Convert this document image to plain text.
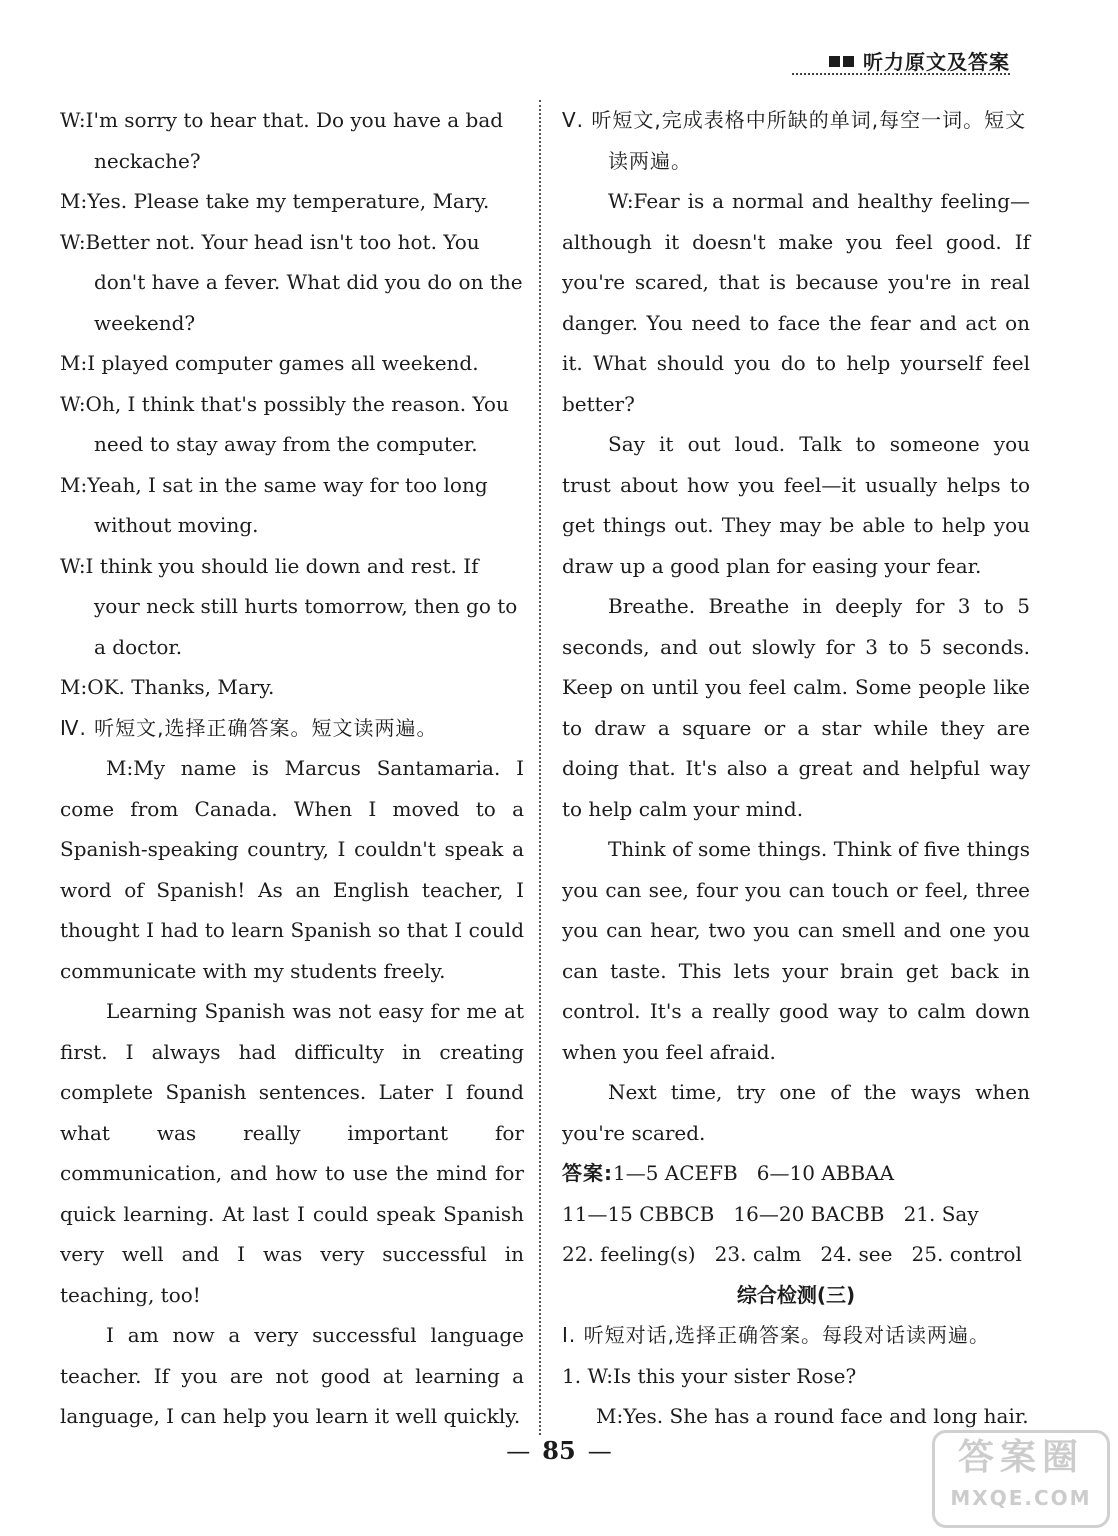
听力原文及答案

W:I'm sorry to hear that. Do you have a bad neckache?

M:Yes. Please take my temperature, Mary.

W:Better not. Your head isn't too hot. You don't have a fever. What did you do on the weekend?

M:I played computer games all weekend.

W:Oh, I think that's possibly the reason. You need to stay away from the computer.

M:Yeah, I sat in the same way for too long without moving.

W:I think you should lie down and rest. If your neck still hurts tomorrow, then go to a doctor.

M:OK. Thanks, Mary.

Ⅳ. 听短文,选择正确答案。短文读两遍。

M:My name is Marcus Santamaria. I come from Canada. When I moved to a Spanish-speaking country, I couldn't speak a word of Spanish! As an English teacher, I thought I had to learn Spanish so that I could communicate with my students freely.

Learning Spanish was not easy for me at first. I always had difficulty in creating complete Spanish sentences. Later I found what was really important for communication, and how to use the mind for quick learning. At last I could speak Spanish very well and I was very successful in teaching, too!

I am now a very successful language teacher. If you are not good at learning a language, I can help you learn it well quickly.

Ⅴ. 听短文,完成表格中所缺的单词,每空一词。短文读两遍。

W:Fear is a normal and healthy feeling—although it doesn't make you feel good. If you're scared, that is because you're in real danger. You need to face the fear and act on it. What should you do to help yourself feel better?

Say it out loud. Talk to someone you trust about how you feel—it usually helps to get things out. They may be able to help you draw up a good plan for easing your fear.

Breathe. Breathe in deeply for 3 to 5 seconds, and out slowly for 3 to 5 seconds. Keep on until you feel calm. Some people like to draw a square or a star while they are doing that. It's also a great and helpful way to help calm your mind.

Think of some things. Think of five things you can see, four you can touch or feel, three you can hear, two you can smell and one you can taste. This lets your brain get back in control. It's a really good way to calm down when you feel afraid.

Next time, try one of the ways when you're scared.

答案:1—5 ACEFB   6—10 ABBAA

11—15 CBBCB   16—20 BACBB   21. Say

22. feeling(s)   23. calm   24. see   25. control

综合检测(三)

Ⅰ. 听短对话,选择正确答案。每段对话读两遍。

1. W:Is this your sister Rose?

M:Yes. She has a round face and long hair.

— 85 —	答案圈
MXQE.COM
